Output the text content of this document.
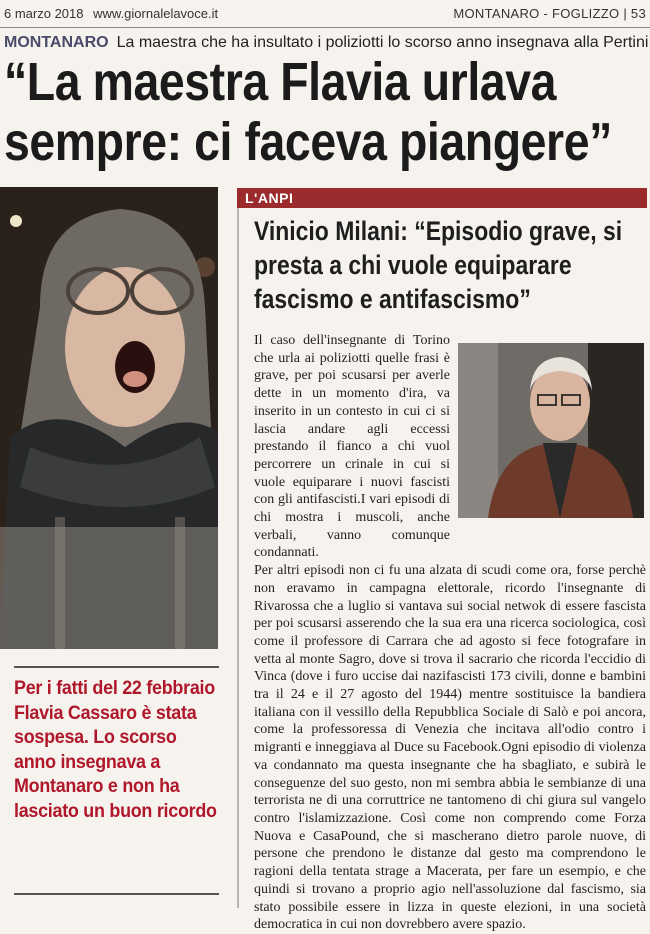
6 marzo 2018 www.giornalelavoce.it	MONTANARO - FOGLIZZO | 53
MONTANARO La maestra che ha insultato i poliziotti lo scorso anno insegnava alla Pertini
“La maestra Flavia urlava sempre: ci faceva piangere”
Per i fatti del 22 febbraio Flavia Cassaro è stata sospesa. Lo scorso anno insegnava a Montanaro e non ha lasciato un buon ricordo
L'ANPI
Vinicio Milani: “Episodio grave, si presta a chi vuole equiparare fascismo e antifascismo”

Il caso dell'insegnante di Torino che urla ai poliziotti quelle frasi è grave, per poi scusarsi per averle dette in un momento d'ira, va inserito in un contesto in cui ci si lascia andare agli eccessi prestando il fianco a chi vuol percorrere un crinale in cui si vuole equiparare i nuovi fascisti con gli antifascisti.I vari episodi di chi mostra i muscoli, anche verbali, vanno comunque condannati.

Per altri episodi non ci fu una alzata di scudi come ora, forse perchè non eravamo in campagna elettorale, ricordo l'insegnante di Rivarossa che a luglio si vantava sui social netwok di essere fascista per poi scusarsi asserendo che la sua era una ricerca sociologica, così come il professore di Carrara che ad agosto si fece fotografare in vetta al monte Sagro, dove si trova il sacrario che ricorda l'eccidio di Vinca (dove i furo uccise dai nazifascisti 173 civili, donne e bambini tra il 24 e il 27 agosto del 1944) mentre sostituisce la bandiera italiana con il vessillo della Repubblica Sociale di Salò e poi ancora, come la professoressa di Venezia che incitava all'odio contro i migranti e inneggiava al Duce su Facebook.Ogni episodio di violenza va condannato ma questa insegnante che ha sbagliato, e subirà le conseguenze del suo gesto, non mi sembra abbia le sembianze di una terrorista ne di una corruttrice ne tantomeno di chi giura sul vangelo contro l'islamizzazione. Così come non comprendo come Forza Nuova e CasaPound, che si mascherano dietro parole nuove, di persone che prendono le distanze dal gesto ma comprendono le ragioni della tentata strage a Macerata, per fare un esempio, e che quindi si trovano a proprio agio nell'assoluzione dal fascismo, sia stato possibile essere in lizza in queste elezioni, in una società democratica in cui non dovrebbero avere spazio.
